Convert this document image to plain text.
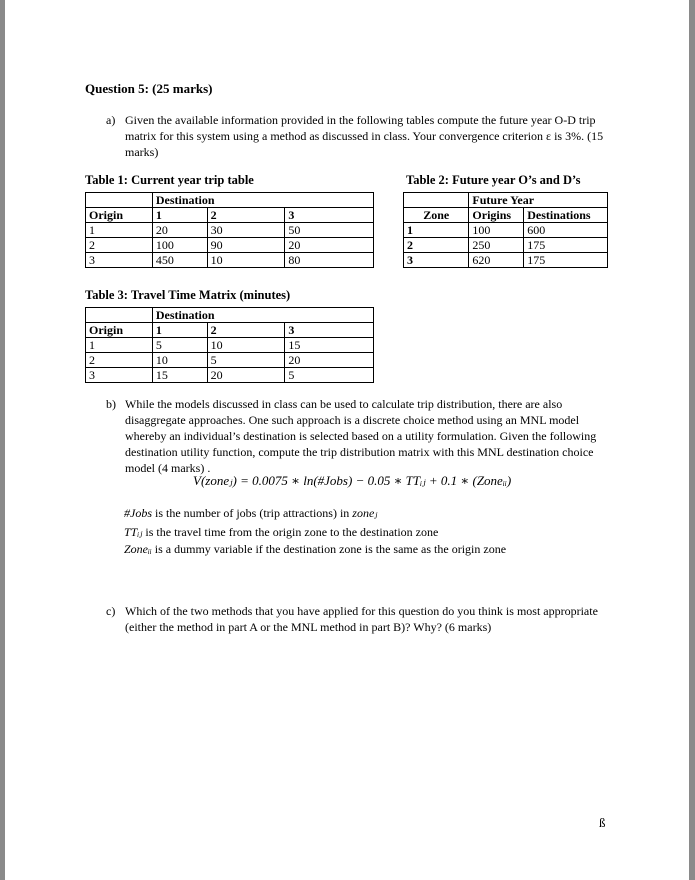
Question 5: (25 marks)
a) Given the available information provided in the following tables compute the future year O-D trip matrix for this system using a method as discussed in class. Your convergence criterion ε is 3%. (15 marks)
Table 1: Current year trip table
	Destination		
Origin	1	2	3
1	20	30	50
2	100	90	20
3	450	10	80
Table 2: Future year O’s and D’s
	Future Year	
Zone	Origins	Destinations
1	100	600
2	250	175
3	620	175
Table 3: Travel Time Matrix (minutes)
	Destination		
Origin	1	2	3
1	5	10	15
2	10	5	20
3	15	20	5
b) While the models discussed in class can be used to calculate trip distribution, there are also disaggregate approaches. One such approach is a discrete choice method using an MNL model whereby an individual’s destination is selected based on a utility formulation. Given the following destination utility function, compute the trip distribution matrix with this MNL destination choice model (4 marks) .
V(zoneⱼ) = 0.0075 ∗ ln(#Jobs) − 0.05 ∗ TTᵢⱼ + 0.1 ∗ (Zoneᵢᵢ)
#Jobs is the number of jobs (trip attractions) in zoneⱼ
TTᵢⱼ is the travel time from the origin zone to the destination zone
Zoneᵢᵢ is a dummy variable if the destination zone is the same as the origin zone
c) Which of the two methods that you have applied for this question do you think is most appropriate (either the method in part A or the MNL method in part B)? Why? (6 marks)
ß
